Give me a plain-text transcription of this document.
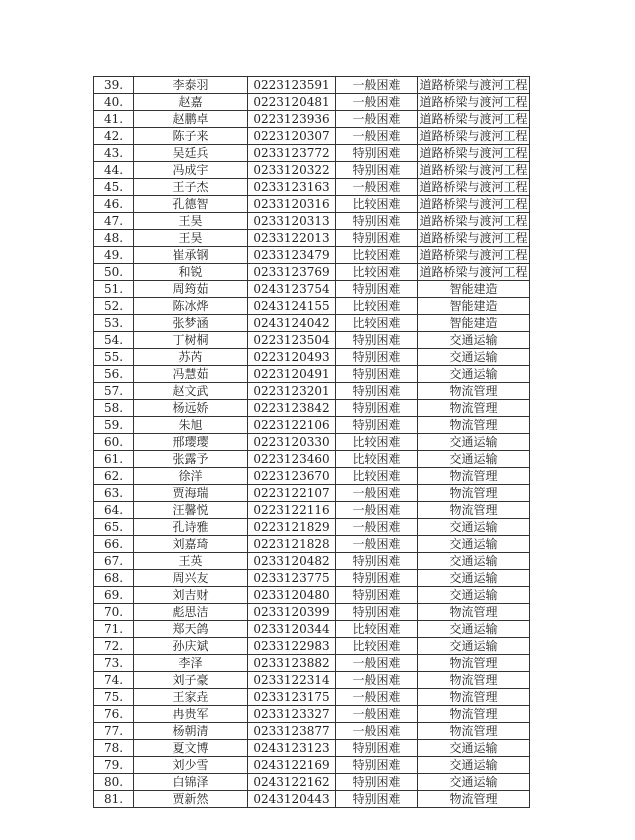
39.	李泰羽	0223123591	一般困难	道路桥梁与渡河工程
40.	赵嘉	0223120481	一般困难	道路桥梁与渡河工程
41.	赵鹏卓	0223123936	一般困难	道路桥梁与渡河工程
42.	陈子来	0223120307	一般困难	道路桥梁与渡河工程
43.	吴廷兵	0233123772	特别困难	道路桥梁与渡河工程
44.	冯成宇	0233120322	特别困难	道路桥梁与渡河工程
45.	王子杰	0233123163	一般困难	道路桥梁与渡河工程
46.	孔德智	0233120316	比较困难	道路桥梁与渡河工程
47.	王昊	0233120313	特别困难	道路桥梁与渡河工程
48.	王昊	0233122013	特别困难	道路桥梁与渡河工程
49.	崔承钢	0233123479	比较困难	道路桥梁与渡河工程
50.	和锐	0233123769	比较困难	道路桥梁与渡河工程
51.	周筠茹	0243123754	特别困难	智能建造
52.	陈冰烨	0243124155	比较困难	智能建造
53.	张梦涵	0243124042	比较困难	智能建造
54.	丁树桐	0223123504	特别困难	交通运输
55.	苏芮	0223120493	特别困难	交通运输
56.	冯慧茹	0223120491	特别困难	交通运输
57.	赵文武	0223123201	特别困难	物流管理
58.	杨远娇	0223123842	特别困难	物流管理
59.	朱旭	0223122106	特别困难	物流管理
60.	邢璎璎	0223120330	比较困难	交通运输
61.	张露予	0223123460	比较困难	交通运输
62.	徐洋	0223123670	比较困难	物流管理
63.	贾海瑞	0223122107	一般困难	物流管理
64.	汪馨悦	0223122116	一般困难	物流管理
65.	孔诗雅	0223121829	一般困难	交通运输
66.	刘嘉琦	0223121828	一般困难	交通运输
67.	王英	0233120482	特别困难	交通运输
68.	周兴友	0233123775	特别困难	交通运输
69.	刘吉财	0233120480	特别困难	交通运输
70.	彪思洁	0233120399	特别困难	物流管理
71.	郑天鸽	0233120344	比较困难	交通运输
72.	孙庆斌	0233122983	比较困难	交通运输
73.	李泽	0233123882	一般困难	物流管理
74.	刘子豪	0233122314	一般困难	物流管理
75.	王家垚	0233123175	一般困难	物流管理
76.	冉贵军	0233123327	一般困难	物流管理
77.	杨朝清	0233123877	一般困难	物流管理
78.	夏文博	0243123123	特别困难	交通运输
79.	刘少雪	0243122169	特别困难	交通运输
80.	白锦泽	0243122162	特别困难	交通运输
81.	贾新然	0243120443	特别困难	物流管理
